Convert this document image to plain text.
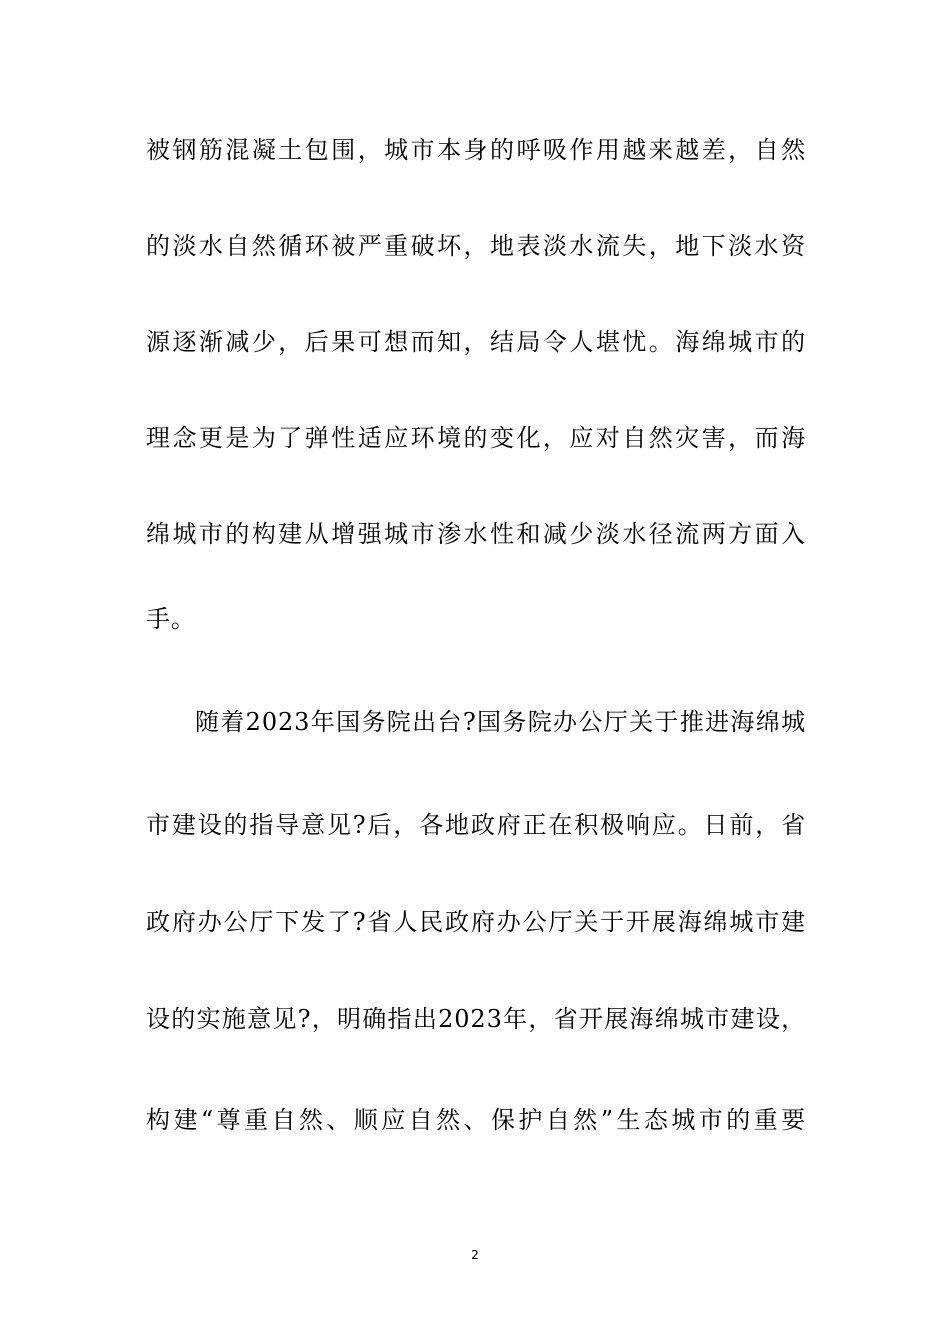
被钢筋混凝土包围，城市本身的呼吸作用越来越差，自然
的淡水自然循环被严重破坏，地表淡水流失，地下淡水资
源逐渐减少，后果可想而知，结局令人堪忧。海绵城市的
理念更是为了弹性适应环境的变化，应对自然灾害，而海
绵城市的构建从增强城市渗水性和减少淡水径流两方面入
手。
随着2023年国务院出台?国务院办公厅关于推进海绵城
市建设的指导意见?后，各地政府正在积极响应。日前，省
政府办公厅下发了?省人民政府办公厅关于开展海绵城市建
设的实施意见?，明确指出2023年，省开展海绵城市建设，
构建“尊重自然、顺应自然、保护自然”生态城市的重要
2
